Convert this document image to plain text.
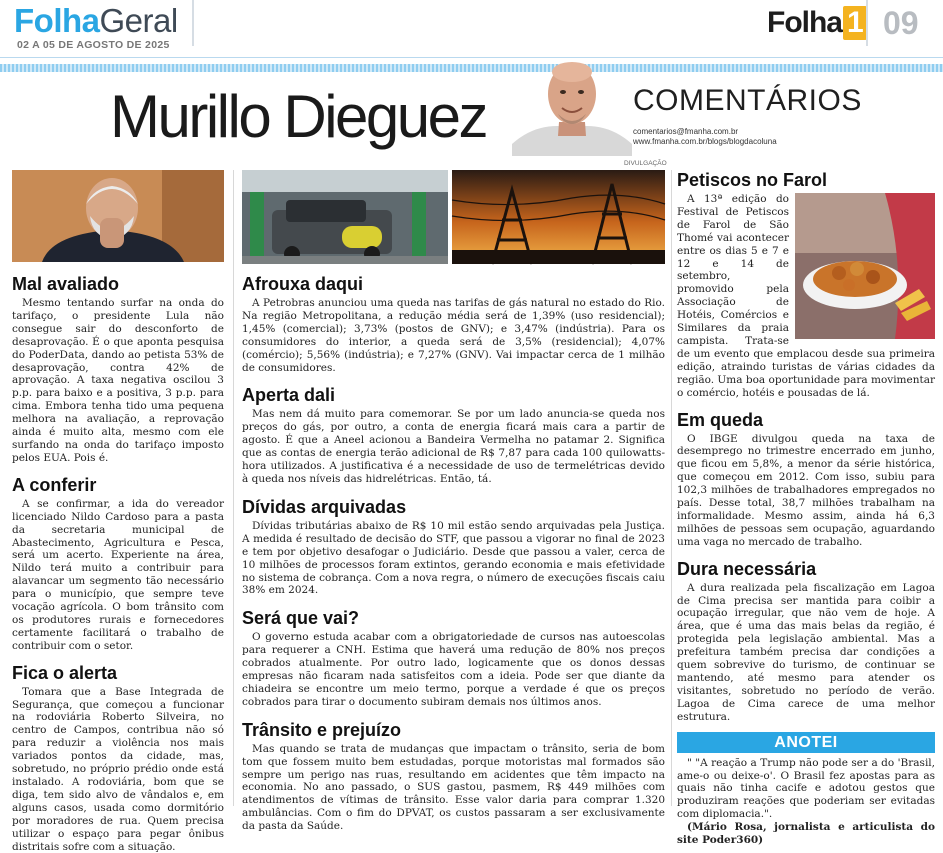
FolhaGeral
02 A 05 DE AGOSTO DE 2025
Folha 1 09
Murillo Dieguez	COMENTÁRIOS
comentarios@fmanha.com.br
www.fmanha.com.br/blogs/blogdacoluna
DIVULGAÇÃO
Mal avaliado

Mesmo tentando surfar na onda do tarifaço, o presidente Lula não consegue sair do desconforto de desaprovação. É o que aponta pesquisa do PoderData, dando ao petista 53% de desaprovação, contra 42% de aprovação. A taxa negativa oscilou 3 p.p. para baixo e a positiva, 3 p.p. para cima. Embora tenha tido uma pequena melhora na avaliação, a reprovação ainda é muito alta, mesmo com ele surfando na onda do tarifaço imposto pelos EUA. Pois é.

A conferir

A se confirmar, a ida do vereador licenciado Nildo Cardoso para a pasta da secretaria municipal de Abastecimento, Agricultura e Pesca, será um acerto. Experiente na área, Nildo terá muito a contribuir para alavancar um segmento tão necessário para o município, que sempre teve vocação agrícola. O bom trânsito com os produtores rurais e fornecedores certamente facilitará o trabalho de contribuir com o setor.

Fica o alerta

Tomara que a Base Integrada de Segurança, que começou a funcionar na rodoviária Roberto Silveira, no centro de Campos, contribua não só para reduzir a violência nos mais variados pontos da cidade, mas, sobretudo, no próprio prédio onde está instalado. A rodoviária, bom que se diga, tem sido alvo de vândalos e, em alguns casos, usada como dormitório por moradores de rua. Quem precisa utilizar o espaço para pegar ônibus distritais sofre com a situação.

Afrouxa daqui

A Petrobras anunciou uma queda nas tarifas de gás natural no estado do Rio. Na região Metropolitana, a redução média será de 1,39% (uso residencial); 1,45% (comercial); 3,73% (postos de GNV); e 3,47% (indústria). Para os consumidores do interior, a queda será de 3,5% (residencial); 4,07% (comércio); 5,56% (indústria); e 7,27% (GNV). Vai impactar cerca de 1 milhão de consumidores.

Aperta dali

Mas nem dá muito para comemorar. Se por um lado anuncia-se queda nos preços do gás, por outro, a conta de energia ficará mais cara a partir de agosto. É que a Aneel acionou a Bandeira Vermelha no patamar 2. Significa que as contas de energia terão adicional de R$ 7,87 para cada 100 quilowatts-hora utilizados. A justificativa é a necessidade de uso de termelétricas devido à queda nos níveis das hidrelétricas. Então, tá.

Dívidas arquivadas

Dívidas tributárias abaixo de R$ 10 mil estão sendo arquivadas pela Justiça. A medida é resultado de decisão do STF, que passou a vigorar no final de 2023 e tem por objetivo desafogar o Judiciário. Desde que passou a valer, cerca de 10 milhões de processos foram extintos, gerando economia e mais efetividade no sistema de cobrança. Com a nova regra, o número de execuções fiscais caiu 38% em 2024.

Será que vai?

O governo estuda acabar com a obrigatoriedade de cursos nas autoescolas para requerer a CNH. Estima que haverá uma redução de 80% nos preços cobrados atualmente. Por outro lado, logicamente que os donos dessas empresas não ficaram nada satisfeitos com a ideia. Pode ser que diante da chiadeira se encontre um meio termo, porque a verdade é que os preços cobrados para tirar o documento subiram demais nos últimos anos.

Trânsito e prejuízo

Mas quando se trata de mudanças que impactam o trânsito, seria de bom tom que fossem muito bem estudadas, porque motoristas mal formados são sempre um perigo nas ruas, resultando em acidentes que têm impacto na economia. No ano passado, o SUS gastou, pasmem, R$ 449 milhões com atendimentos de vítimas de trânsito. Esse valor daria para comprar 1.320 ambulâncias. Com o fim do DPVAT, os custos passaram a ser exclusivamente da pasta da Saúde.

Petiscos no Farol

A 13ª edição do Festival de Petiscos de Farol de São Thomé vai acontecer entre os dias 5 e 7 e 12 e 14 de setembro, promovido pela Associação de Hotéis, Comércios e Similares da praia campista. Trata-se de um evento que emplacou desde sua primeira edição, atraindo turistas de várias cidades da região. Uma boa oportunidade para movimentar o comércio, hotéis e pousadas de lá.

Em queda

O IBGE divulgou queda na taxa de desemprego no trimestre encerrado em junho, que ficou em 5,8%, a menor da série histórica, que começou em 2012. Com isso, subiu para 102,3 milhões de trabalhadores empregados no país. Desse total, 38,7 milhões trabalham na informalidade. Mesmo assim, ainda há 6,3 milhões de pessoas sem ocupação, aguardando uma vaga no mercado de trabalho.

Dura necessária

A dura realizada pela fiscalização em Lagoa de Cima precisa ser mantida para coibir a ocupação irregular, que não vem de hoje. A área, que é uma das mais belas da região, é protegida pela legislação ambiental. Mas a prefeitura também precisa dar condições a quem sobrevive do turismo, de continuar se mantendo, até mesmo para atender os visitantes, sobretudo no período de verão. Lagoa de Cima carece de uma melhor estrutura.

ANOTEI

" "A reação a Trump não pode ser a do 'Brasil, ame-o ou deixe-o'. O Brasil fez apostas para as quais não tinha cacife e adotou gestos que produziram reações que poderiam ser evitadas com diplomacia.".

(Mário Rosa, jornalista e articulista do site Poder360)
